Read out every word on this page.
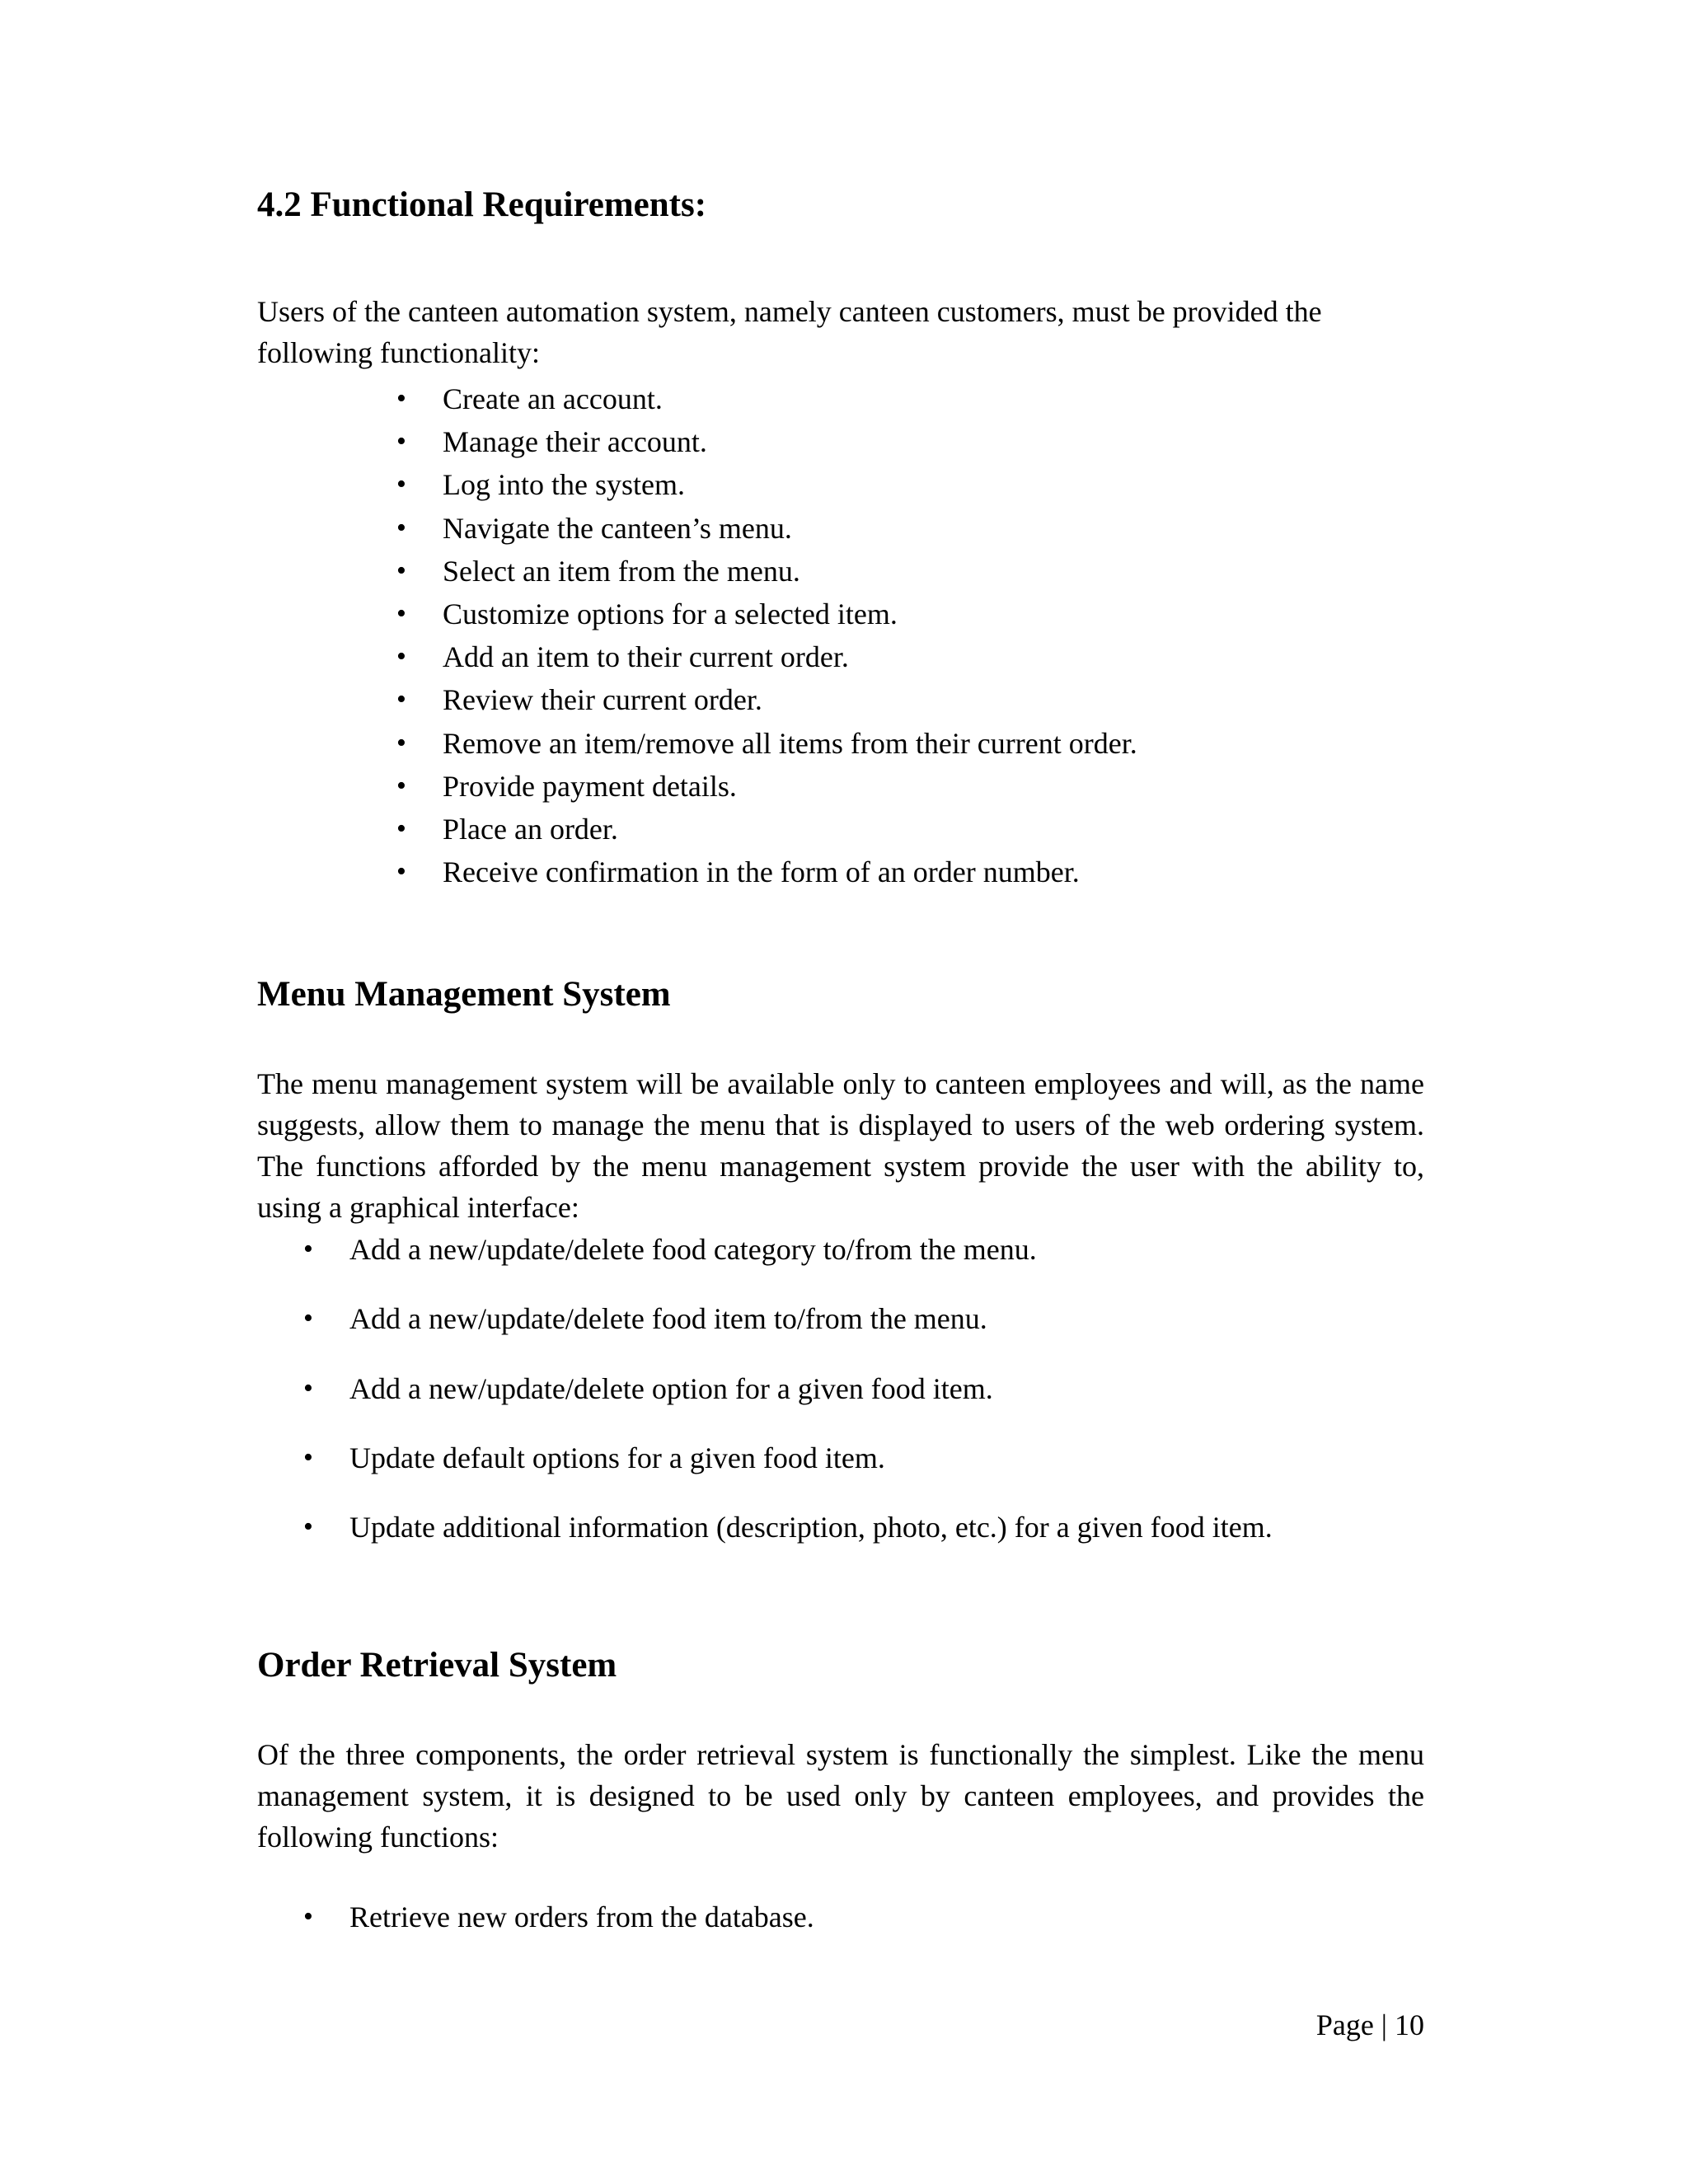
4.2 Functional Requirements:

Users of the canteen automation system, namely canteen customers, must be provided the following functionality:

• Create an account.
• Manage their account.
• Log into the system.
• Navigate the canteen’s menu.
• Select an item from the menu.
• Customize options for a selected item.
• Add an item to their current order.
• Review their current order.
• Remove an item/remove all items from their current order.
• Provide payment details.
• Place an order.
• Receive confirmation in the form of an order number.
Menu Management System

The menu management system will be available only to canteen employees and will, as the name suggests, allow them to manage the menu that is displayed to users of the web ordering system. The functions afforded by the menu management system provide the user with the ability to, using a graphical interface:

• Add a new/update/delete food category to/from the menu.
• Add a new/update/delete food item to/from the menu.
• Add a new/update/delete option for a given food item.
• Update default options for a given food item.
• Update additional information (description, photo, etc.) for a given food item.
Order Retrieval System

Of the three components, the order retrieval system is functionally the simplest. Like the menu management system, it is designed to be used only by canteen employees, and provides the following functions:

• Retrieve new orders from the database.
Page | 10
